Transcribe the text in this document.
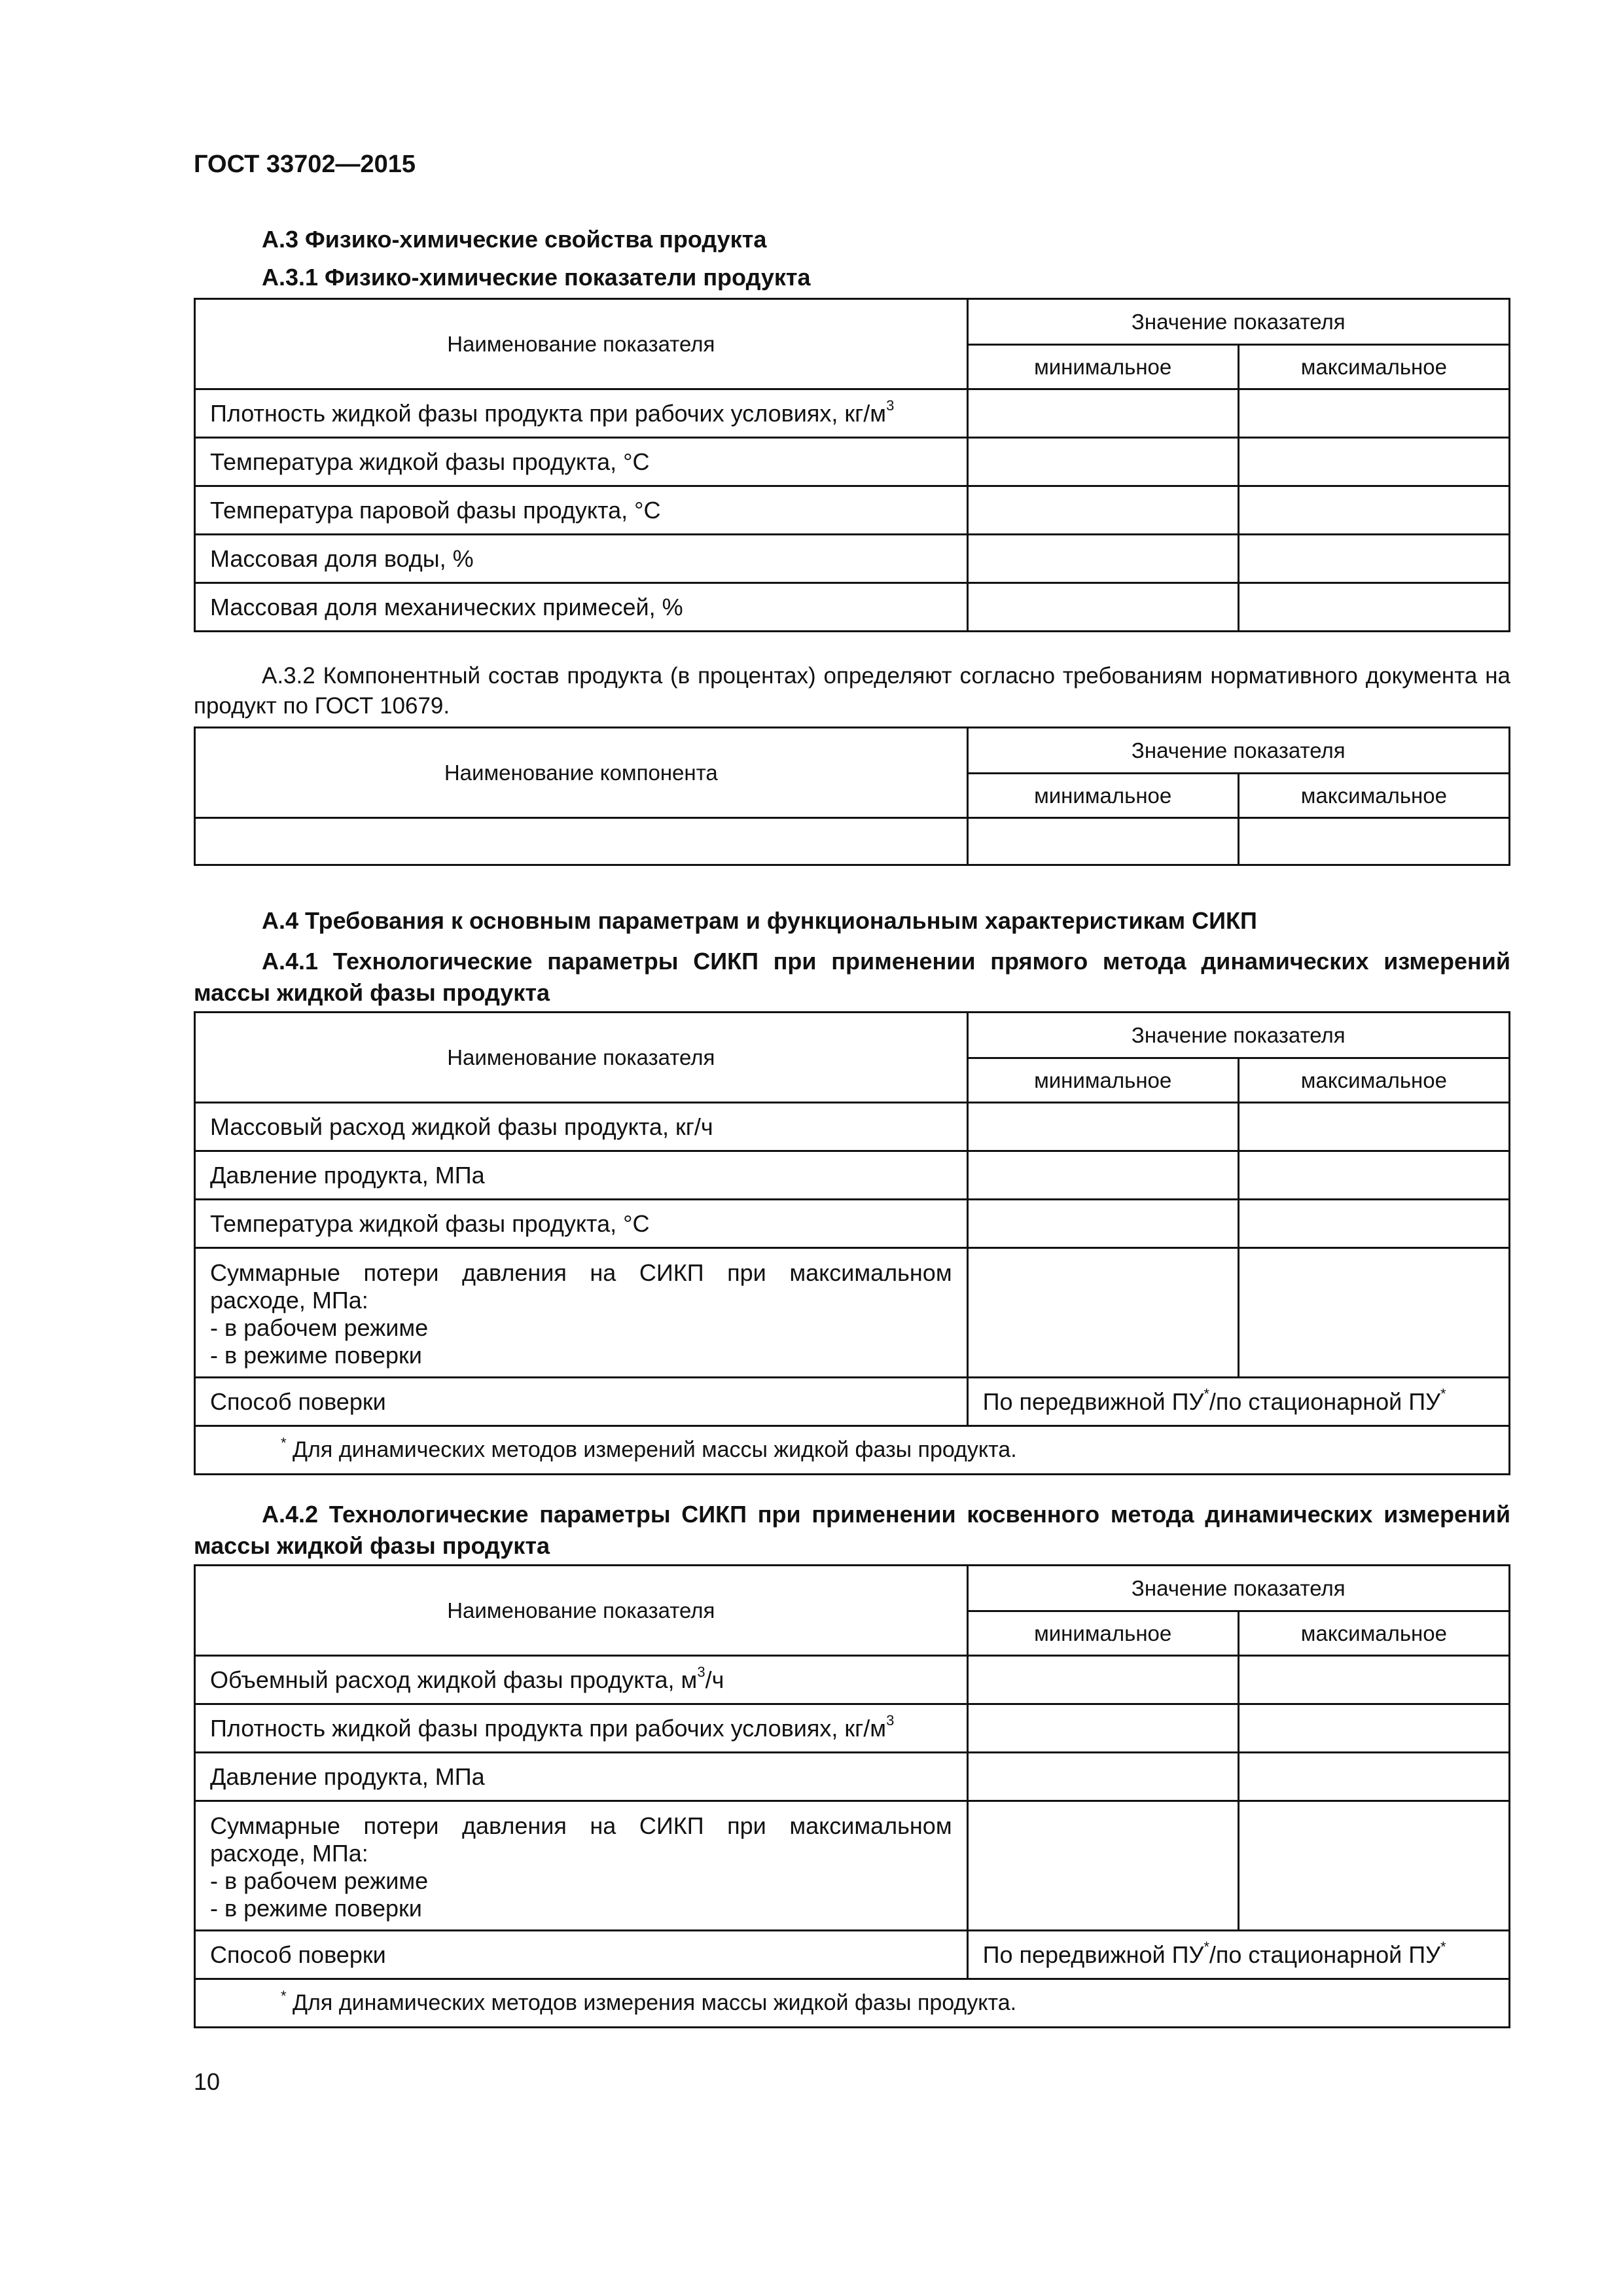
ГОСТ 33702—2015
А.3 Физико-химические свойства продукта
А.3.1 Физико-химические показатели продукта
Наименование показателя	Значение показателя	
	минимальное	максимальное
Плотность жидкой фазы продукта при рабочих условиях, $кг/м^3$		
Температура жидкой фазы продукта, °С		
Температура паровой фазы продукта, °С		
Массовая доля воды, %		
Массовая доля механических примесей, %		
А.3.2 Компонентный состав продукта (в процентах) определяют согласно требованиям нормативного документа на продукт по ГОСТ 10679.
Наименование компонента	Значение показателя	
	минимальное	максимальное

А.4 Требования к основным параметрам и функциональным характеристикам СИКП
А.4.1 Технологические параметры СИКП при применении прямого метода динамических измерений массы жидкой фазы продукта
Наименование показателя	Значение показателя	
	минимальное	максимальное
Массовый расход жидкой фазы продукта, кг/ч		
Давление продукта, МПа		
Температура жидкой фазы продукта, °С		

Суммарные потери давления на СИКП при максимальном расходе, МПа:
- в рабочем режиме
- в режиме поверки		

Способ поверки	По передвижной ПУ*/по стационарной ПУ*
* Для динамических методов измерений массы жидкой фазы продукта.		
А.4.2 Технологические параметры СИКП при применении косвенного метода динамических измерений массы жидкой фазы продукта
Наименование показателя	Значение показателя	
	минимальное	максимальное
Объемный расход жидкой фазы продукта, $м^3/ч$		
Плотность жидкой фазы продукта при рабочих условиях, $кг/м^3$		
Давление продукта, МПа		

Суммарные потери давления на СИКП при максимальном расходе, МПа:
- в рабочем режиме
- в режиме поверки		

Способ поверки	По передвижной ПУ*/по стационарной ПУ*
* Для динамических методов измерения массы жидкой фазы продукта.		
10
